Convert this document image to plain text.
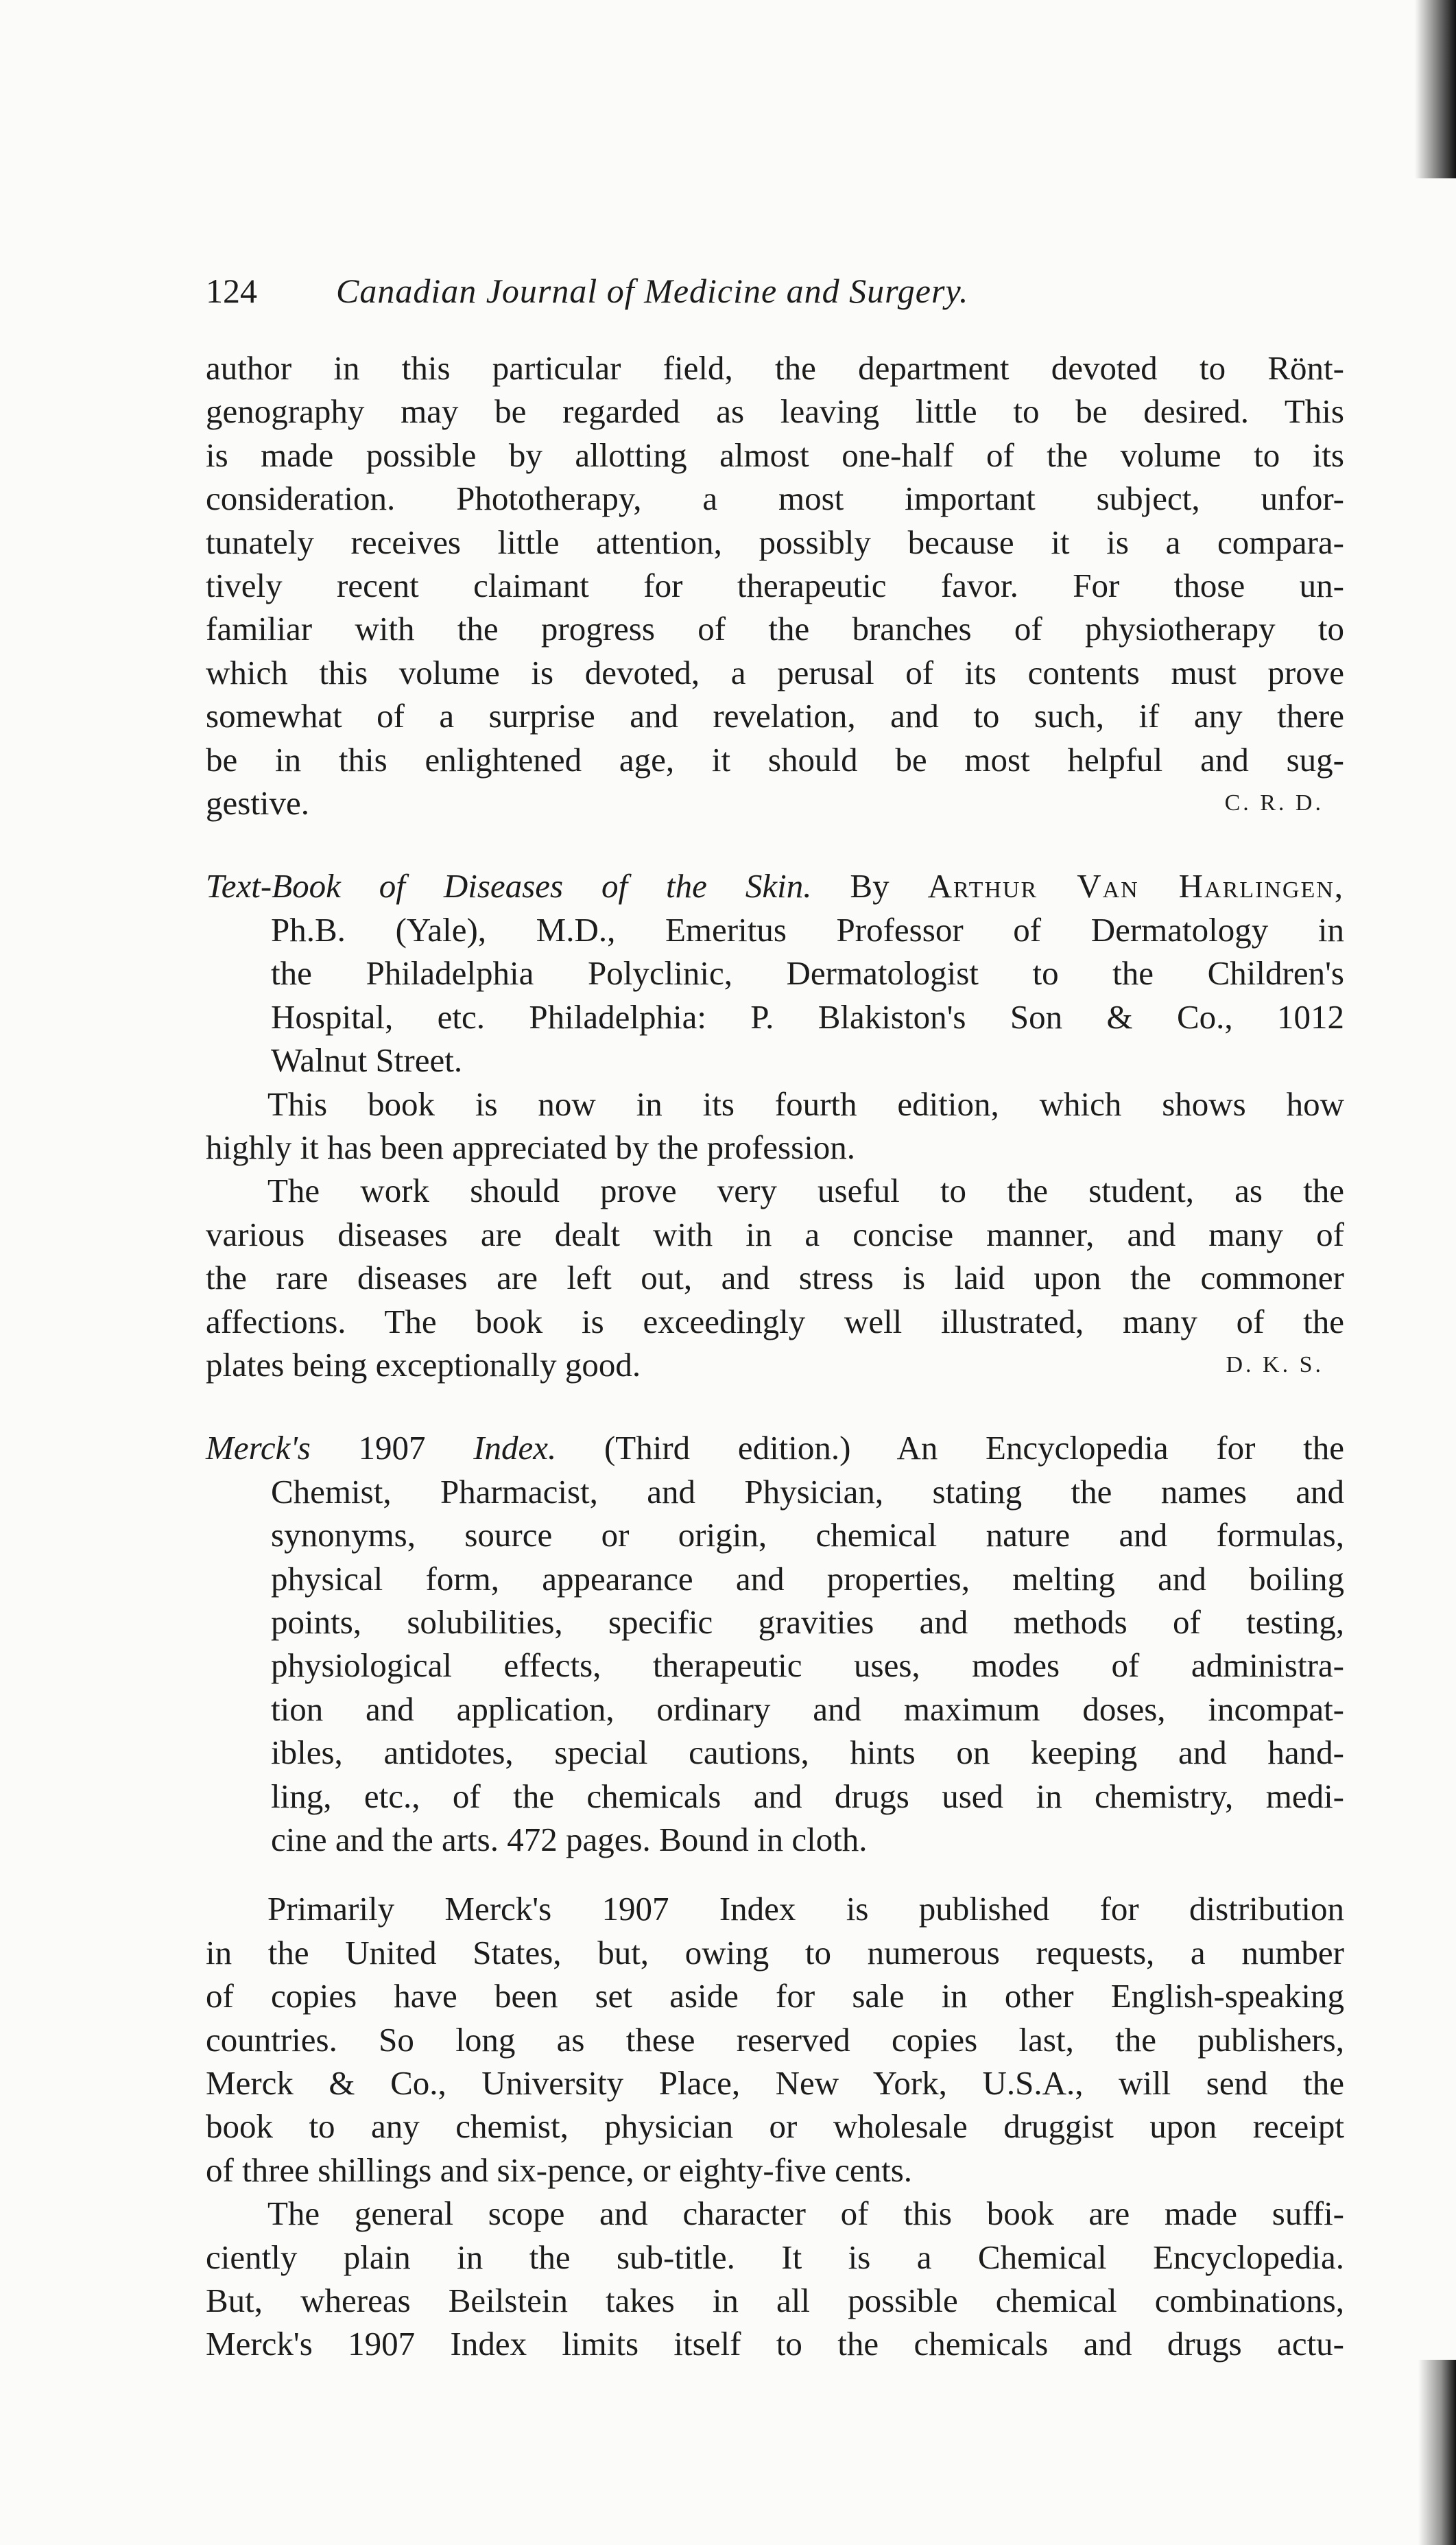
124	Canadian Journal of Medicine and Surgery.
author in this particular field, the department devoted to Rönt-
genography may be regarded as leaving little to be desired. This
is made possible by allotting almost one-half of the volume to its
consideration. Phototherapy, a most important subject, unfor-
tunately receives little attention, possibly because it is a compara-
tively recent claimant for therapeutic favor. For those un-
familiar with the progress of the branches of physiotherapy to
which this volume is devoted, a perusal of its contents must prove
somewhat of a surprise and revelation, and to such, if any there
be in this enlightened age, it should be most helpful and sug-
gestive.	C. R. D.
Text-Book of Diseases of the Skin. By Arthur Van Harlingen,
Ph.B. (Yale), M.D., Emeritus Professor of Dermatology in
the Philadelphia Polyclinic, Dermatologist to the Children's
Hospital, etc. Philadelphia: P. Blakiston's Son & Co., 1012
Walnut Street.
This book is now in its fourth edition, which shows how
highly it has been appreciated by the profession.
The work should prove very useful to the student, as the
various diseases are dealt with in a concise manner, and many of
the rare diseases are left out, and stress is laid upon the commoner
affections. The book is exceedingly well illustrated, many of the
plates being exceptionally good.	D. K. S.
Merck's 1907 Index. (Third edition.) An Encyclopedia for the
Chemist, Pharmacist, and Physician, stating the names and
synonyms, source or origin, chemical nature and formulas,
physical form, appearance and properties, melting and boiling
points, solubilities, specific gravities and methods of testing,
physiological effects, therapeutic uses, modes of administra-
tion and application, ordinary and maximum doses, incompat-
ibles, antidotes, special cautions, hints on keeping and hand-
ling, etc., of the chemicals and drugs used in chemistry, medi-
cine and the arts. 472 pages. Bound in cloth.
Primarily Merck's 1907 Index is published for distribution
in the United States, but, owing to numerous requests, a number
of copies have been set aside for sale in other English-speaking
countries. So long as these reserved copies last, the publishers,
Merck & Co., University Place, New York, U.S.A., will send the
book to any chemist, physician or wholesale druggist upon receipt
of three shillings and six-pence, or eighty-five cents.
The general scope and character of this book are made suffi-
ciently plain in the sub-title. It is a Chemical Encyclopedia.
But, whereas Beilstein takes in all possible chemical combinations,
Merck's 1907 Index limits itself to the chemicals and drugs actu-
